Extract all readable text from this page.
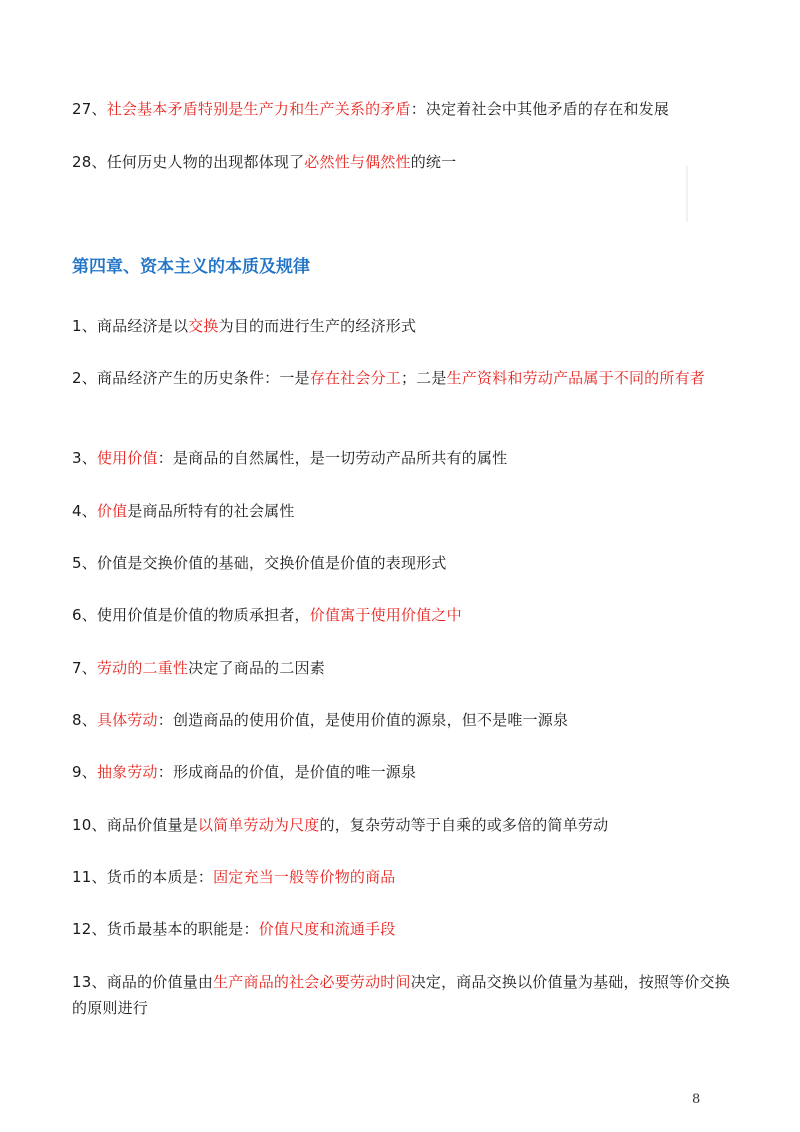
27、社会基本矛盾特别是生产力和生产关系的矛盾：决定着社会中其他矛盾的存在和发展
28、任何历史人物的出现都体现了必然性与偶然性的统一
第四章、资本主义的本质及规律
1、商品经济是以交换为目的而进行生产的经济形式
2、商品经济产生的历史条件：一是存在社会分工；二是生产资料和劳动产品属于不同的所有者
3、使用价值：是商品的自然属性，是一切劳动产品所共有的属性
4、价值是商品所特有的社会属性
5、价值是交换价值的基础，交换价值是价值的表现形式
6、使用价值是价值的物质承担者，价值寓于使用价值之中
7、劳动的二重性决定了商品的二因素
8、具体劳动：创造商品的使用价值，是使用价值的源泉，但不是唯一源泉
9、抽象劳动：形成商品的价值，是价值的唯一源泉
10、商品价值量是以简单劳动为尺度的，复杂劳动等于自乘的或多倍的简单劳动
11、货币的本质是：固定充当一般等价物的商品
12、货币最基本的职能是：价值尺度和流通手段
13、商品的价值量由生产商品的社会必要劳动时间决定，商品交换以价值量为基础，按照等价交换的原则进行
8
